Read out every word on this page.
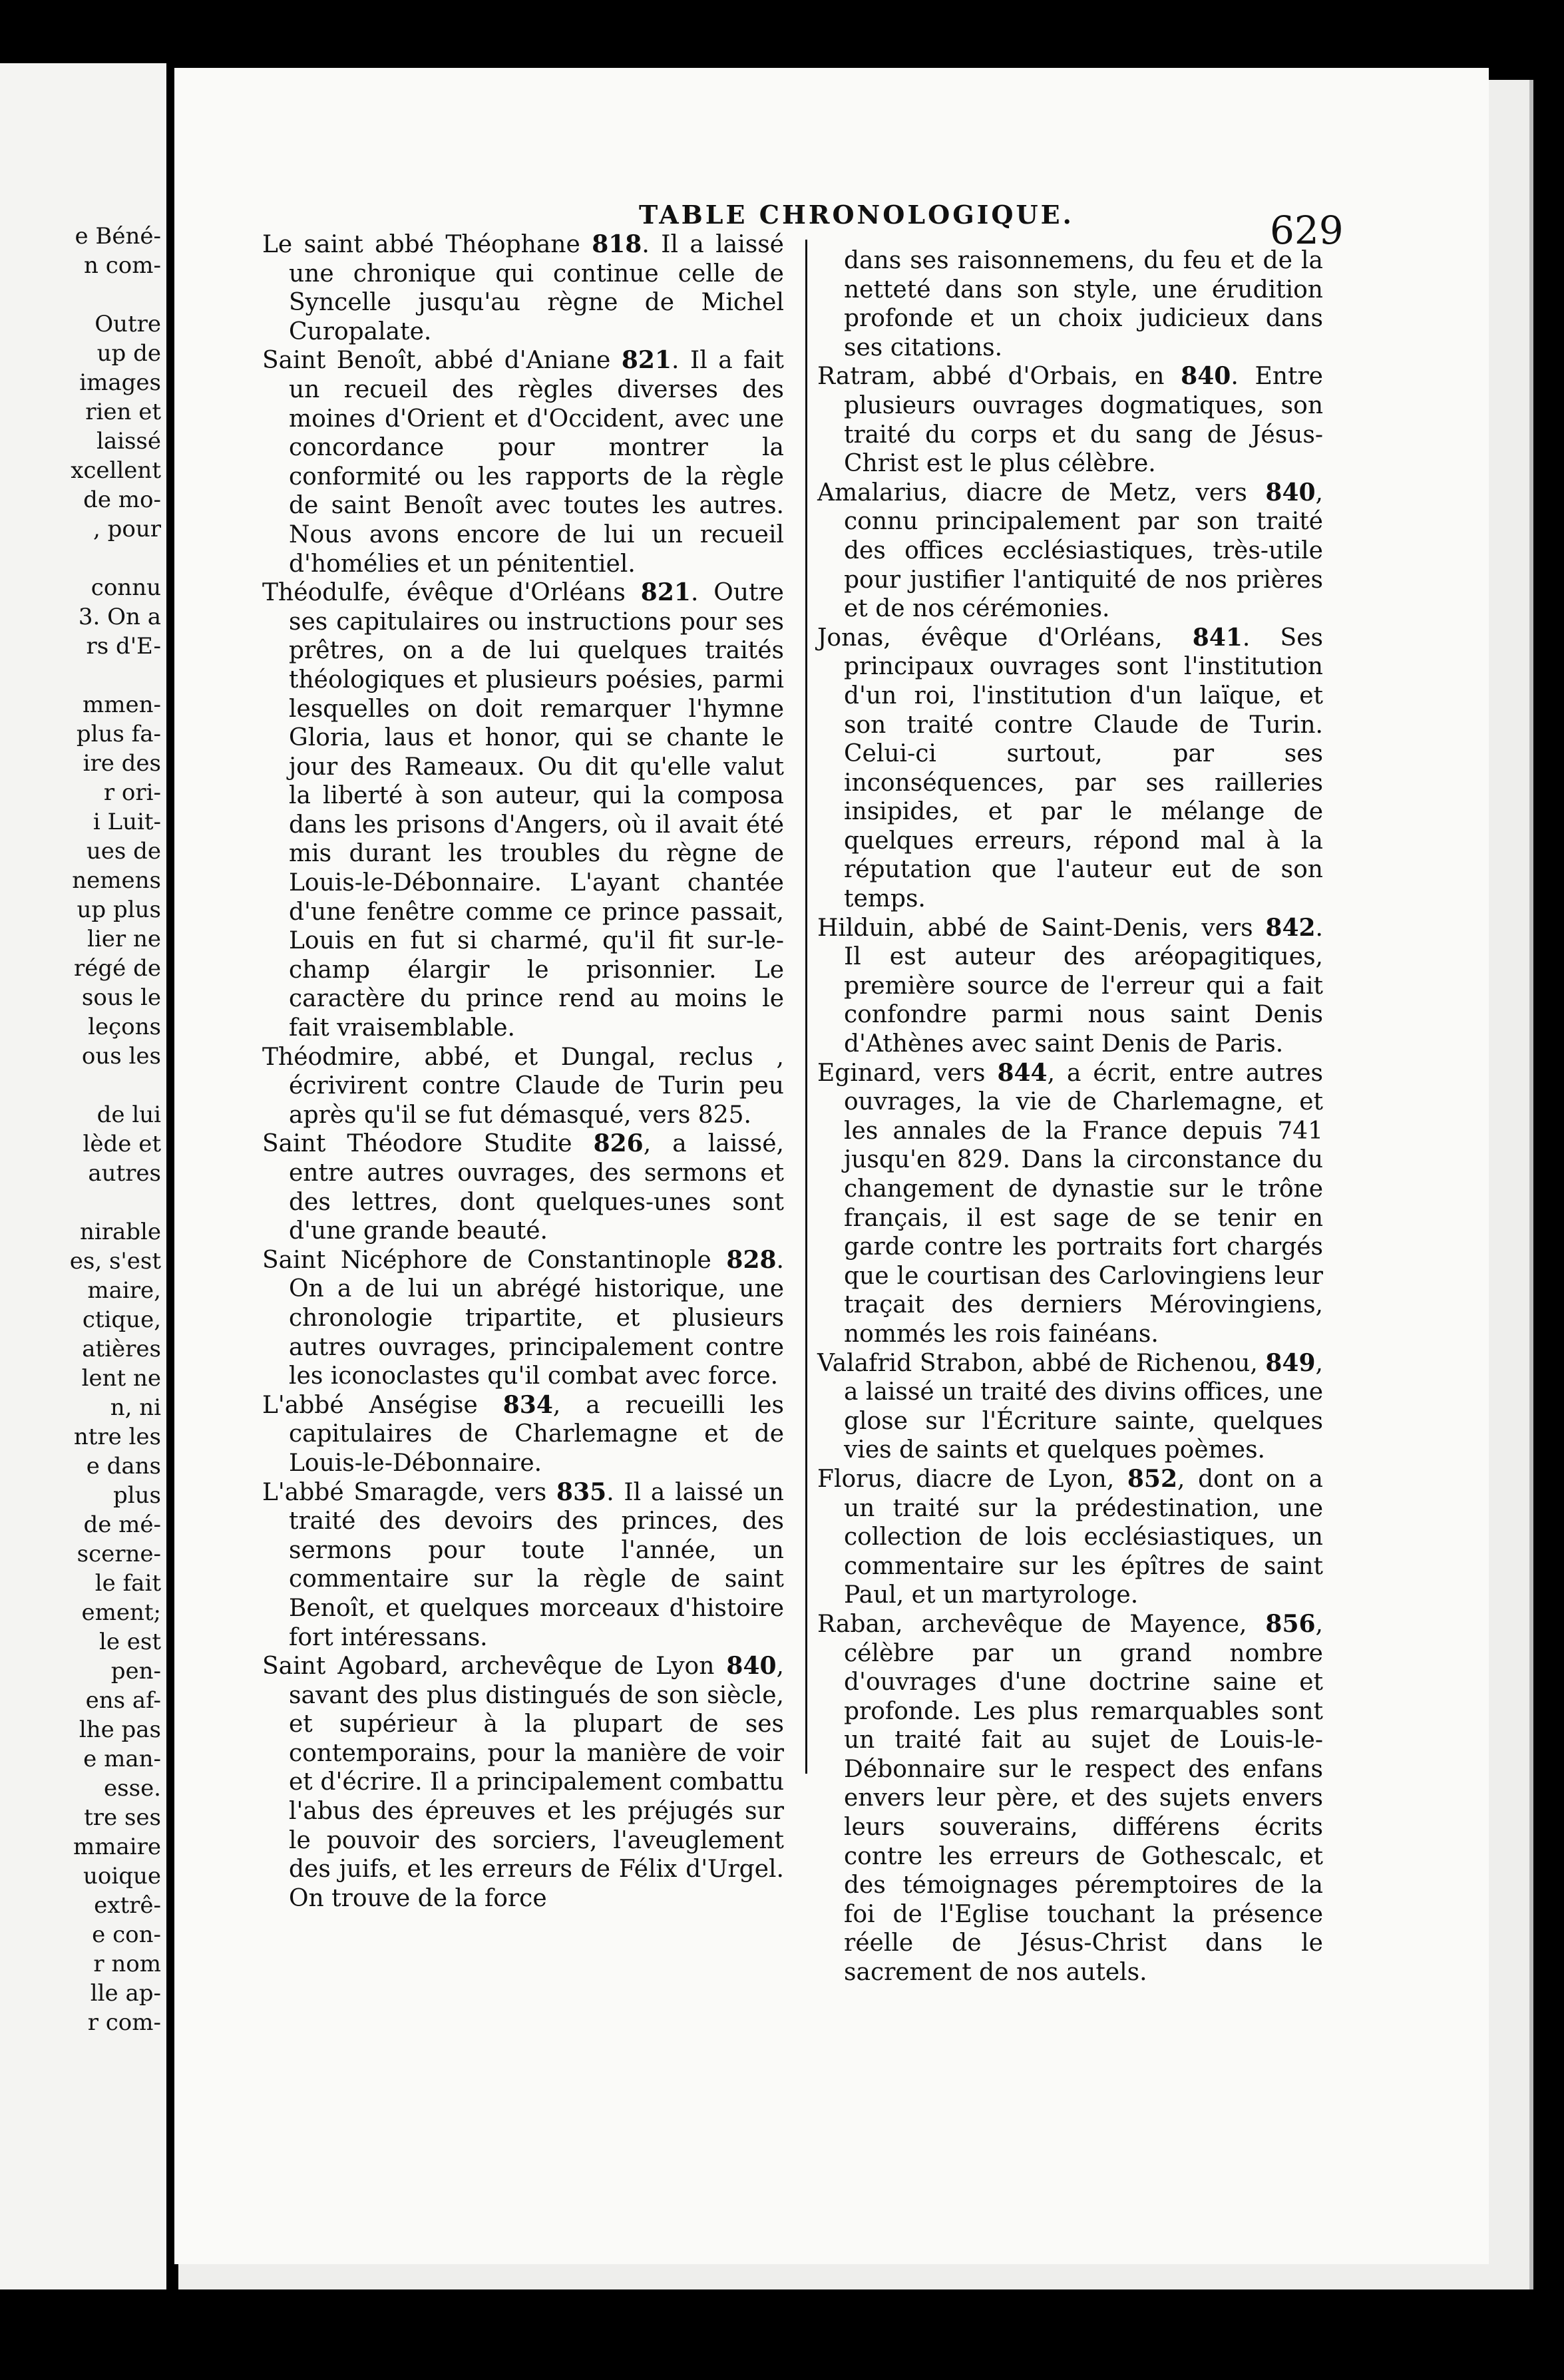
e Béné-
n com-
Outre
up de
images
rien et
laissé
xcellent
de mo-
, pour
connu
3. On a
rs d'E-
mmen-
plus fa-
ire des
r ori-
i Luit-
ues de
nemens
up plus
lier ne
régé de
sous le
leçons
ous les
de lui
lède et
autres
nirable
es, s'est
maire,
ctique,
atières
lent ne
n, ni
ntre les
e dans
plus
de mé-
scerne-
le fait
ement;
le est
pen-
ens af-
lhe pas
e man-
esse.
tre ses
mmaire
uoique
extrê-
e con-
r nom
lle ap-
r com-
TABLE CHRONOLOGIQUE.	629

Le saint abbé Théophane 818. Il a laissé une chronique qui continue celle de Syncelle jusqu'au règne de Michel Curopalate.

Saint Benoît, abbé d'Aniane 821. Il a fait un recueil des règles diverses des moines d'Orient et d'Occident, avec une concordance pour montrer la conformité ou les rapports de la règle de saint Benoît avec toutes les autres. Nous avons encore de lui un recueil d'homélies et un pénitentiel.

Théodulfe, évêque d'Orléans 821. Outre ses capitulaires ou instructions pour ses prêtres, on a de lui quelques traités théologiques et plusieurs poésies, parmi lesquelles on doit remarquer l'hymne Gloria, laus et honor, qui se chante le jour des Rameaux. Ou dit qu'elle valut la liberté à son auteur, qui la composa dans les prisons d'Angers, où il avait été mis durant les troubles du règne de Louis-le-Débonnaire. L'ayant chantée d'une fenêtre comme ce prince passait, Louis en fut si charmé, qu'il fit sur-le-champ élargir le prisonnier. Le caractère du prince rend au moins le fait vraisemblable.

Théodmire, abbé, et Dungal, reclus , écrivirent contre Claude de Turin peu après qu'il se fut démasqué, vers 825.

Saint Théodore Studite 826, a laissé, entre autres ouvrages, des sermons et des lettres, dont quelques-unes sont d'une grande beauté.

Saint Nicéphore de Constantinople 828. On a de lui un abrégé historique, une chronologie tripartite, et plusieurs autres ouvrages, principalement contre les iconoclastes qu'il combat avec force.

L'abbé Anségise 834, a recueilli les capitulaires de Charlemagne et de Louis-le-Débonnaire.

L'abbé Smaragde, vers 835. Il a laissé un traité des devoirs des princes, des sermons pour toute l'année, un commentaire sur la règle de saint Benoît, et quelques morceaux d'histoire fort intéressans.

Saint Agobard, archevêque de Lyon 840, savant des plus distingués de son siècle, et supérieur à la plupart de ses contemporains, pour la manière de voir et d'écrire. Il a principalement combattu l'abus des épreuves et les préjugés sur le pouvoir des sorciers, l'aveuglement des juifs, et les erreurs de Félix d'Urgel. On trouve de la force

dans ses raisonnemens, du feu et de la netteté dans son style, une érudition profonde et un choix judicieux dans ses citations.

Ratram, abbé d'Orbais, en 840. Entre plusieurs ouvrages dogmatiques, son traité du corps et du sang de Jésus-Christ est le plus célèbre.

Amalarius, diacre de Metz, vers 840, connu principalement par son traité des offices ecclésiastiques, très-utile pour justifier l'antiquité de nos prières et de nos cérémonies.

Jonas, évêque d'Orléans, 841. Ses principaux ouvrages sont l'institution d'un roi, l'institution d'un laïque, et son traité contre Claude de Turin. Celui-ci surtout, par ses inconséquences, par ses railleries insipides, et par le mélange de quelques erreurs, répond mal à la réputation que l'auteur eut de son temps.

Hilduin, abbé de Saint-Denis, vers 842. Il est auteur des aréopagitiques, première source de l'erreur qui a fait confondre parmi nous saint Denis d'Athènes avec saint Denis de Paris.

Eginard, vers 844, a écrit, entre autres ouvrages, la vie de Charlemagne, et les annales de la France depuis 741 jusqu'en 829. Dans la circonstance du changement de dynastie sur le trône français, il est sage de se tenir en garde contre les portraits fort chargés que le courtisan des Carlovingiens leur traçait des derniers Mérovingiens, nommés les rois fainéans.

Valafrid Strabon, abbé de Richenou, 849, a laissé un traité des divins offices, une glose sur l'Écriture sainte, quelques vies de saints et quelques poèmes.

Florus, diacre de Lyon, 852, dont on a un traité sur la prédestination, une collection de lois ecclésiastiques, un commentaire sur les épîtres de saint Paul, et un martyrologe.

Raban, archevêque de Mayence, 856, célèbre par un grand nombre d'ouvrages d'une doctrine saine et profonde. Les plus remarquables sont un traité fait au sujet de Louis-le-Débonnaire sur le respect des enfans envers leur père, et des sujets envers leurs souverains, différens écrits contre les erreurs de Gothescalc, et des témoignages péremptoires de la foi de l'Eglise touchant la présence réelle de Jésus-Christ dans le sacrement de nos autels.
